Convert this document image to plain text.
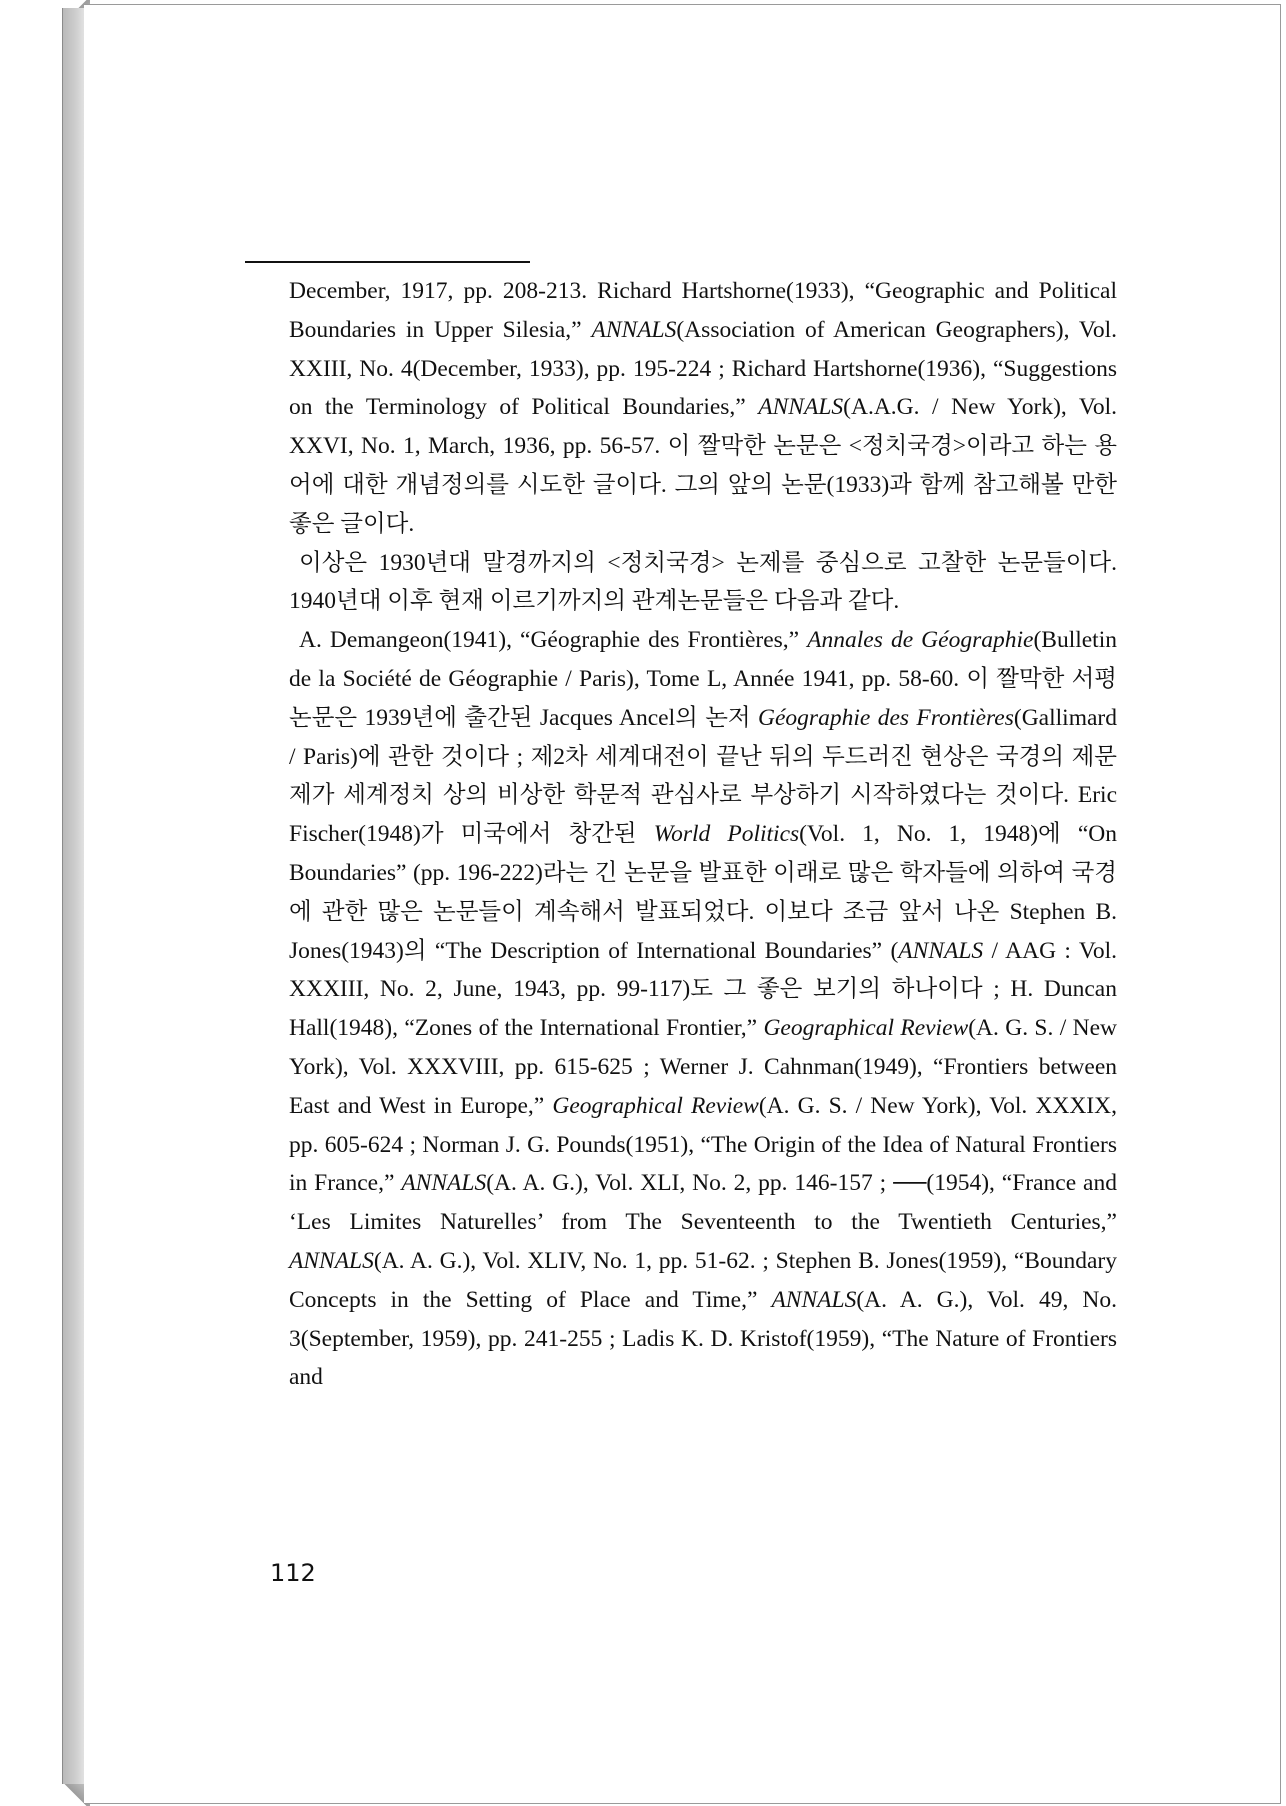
December, 1917, pp. 208-213. Richard Hartshorne(1933), “Geographic and Political Boundaries in Upper Silesia,” ANNALS(Association of American Geographers), Vol. XXIII, No. 4(December, 1933), pp. 195-224 ; Richard Hartshorne(1936), “Suggestions on the Terminology of Political Boundaries,” ANNALS(A.A.G. / New York), Vol. XXVI, No. 1, March, 1936, pp. 56-57. 이 짤막한 논문은 <정치국경>이라고 하는 용어에 대한 개념정의를 시도한 글이다. 그의 앞의 논문(1933)과 함께 참고해볼 만한 좋은 글이다.

이상은 1930년대 말경까지의 <정치국경> 논제를 중심으로 고찰한 논문들이다. 1940년대 이후 현재 이르기까지의 관계논문들은 다음과 같다.

A. Demangeon(1941), “Géographie des Frontières,” Annales de Géographie(Bulletin de la Société de Géographie / Paris), Tome L, Année 1941, pp. 58-60. 이 짤막한 서평 논문은 1939년에 출간된 Jacques Ancel의 논저 Géographie des Frontières(Gallimard / Paris)에 관한 것이다 ; 제2차 세계대전이 끝난 뒤의 두드러진 현상은 국경의 제문제가 세계정치 상의 비상한 학문적 관심사로 부상하기 시작하였다는 것이다. Eric Fischer(1948)가 미국에서 창간된 World Politics(Vol. 1, No. 1, 1948)에 “On Boundaries” (pp. 196-222)라는 긴 논문을 발표한 이래로 많은 학자들에 의하여 국경에 관한 많은 논문들이 계속해서 발표되었다. 이보다 조금 앞서 나온 Stephen B. Jones(1943)의 “The Description of International Boundaries” (ANNALS / AAG : Vol. XXXIII, No. 2, June, 1943, pp. 99-117)도 그 좋은 보기의 하나이다 ; H. Duncan Hall(1948), “Zones of the International Frontier,” Geographical Review(A. G. S. / New York), Vol. XXXVIII, pp. 615-625 ; Werner J. Cahnman(1949), “Frontiers between East and West in Europe,” Geographical Review(A. G. S. / New York), Vol. XXXIX, pp. 605-624 ; Norman J. G. Pounds(1951), “The Origin of the Idea of Natural Frontiers in France,” ANNALS(A. A. G.), Vol. XLI, No. 2, pp. 146-157 ; ──(1954), “France and ‘Les Limites Naturelles’ from The Seventeenth to the Twentieth Centuries,” ANNALS(A. A. G.), Vol. XLIV, No. 1, pp. 51-62. ; Stephen B. Jones(1959), “Boundary Concepts in the Setting of Place and Time,” ANNALS(A. A. G.), Vol. 49, No. 3(September, 1959), pp. 241-255 ; Ladis K. D. Kristof(1959), “The Nature of Frontiers and

112
